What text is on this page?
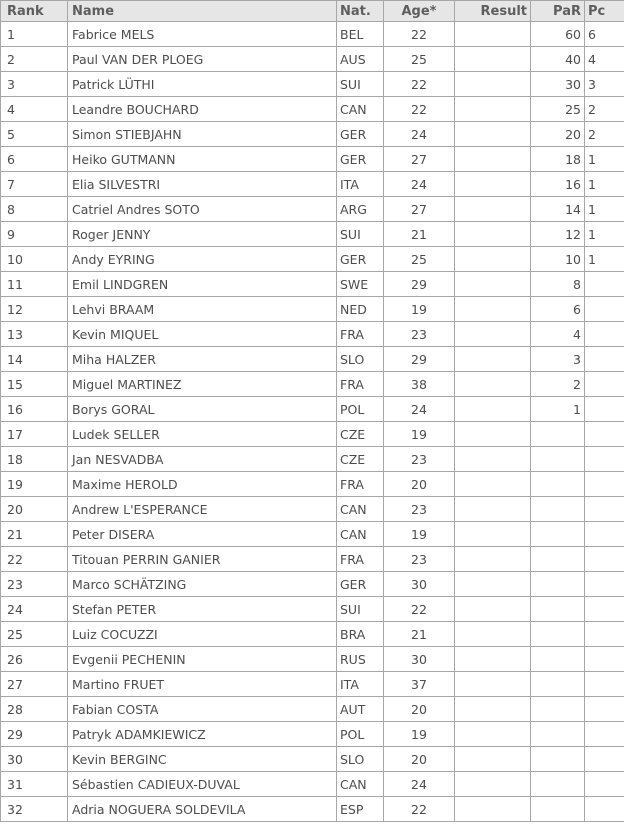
Rank	Name	Nat.	Age*	Result	PaR	Pc
1	Fabrice MELS	BEL	22		60	6
2	Paul VAN DER PLOEG	AUS	25		40	4
3	Patrick LÜTHI	SUI	22		30	3
4	Leandre BOUCHARD	CAN	22		25	2
5	Simon STIEBJAHN	GER	24		20	2
6	Heiko GUTMANN	GER	27		18	1
7	Elia SILVESTRI	ITA	24		16	1
8	Catriel Andres SOTO	ARG	27		14	1
9	Roger JENNY	SUI	21		12	1
10	Andy EYRING	GER	25		10	1
11	Emil LINDGREN	SWE	29		8	
12	Lehvi BRAAM	NED	19		6	
13	Kevin MIQUEL	FRA	23		4	
14	Miha HALZER	SLO	29		3	
15	Miguel MARTINEZ	FRA	38		2	
16	Borys GORAL	POL	24		1	
17	Ludek SELLER	CZE	19			
18	Jan NESVADBA	CZE	23			
19	Maxime HEROLD	FRA	20			
20	Andrew L'ESPERANCE	CAN	23			
21	Peter DISERA	CAN	19			
22	Titouan PERRIN GANIER	FRA	23			
23	Marco SCHÄTZING	GER	30			
24	Stefan PETER	SUI	22			
25	Luiz COCUZZI	BRA	21			
26	Evgenii PECHENIN	RUS	30			
27	Martino FRUET	ITA	37			
28	Fabian COSTA	AUT	20			
29	Patryk ADAMKIEWICZ	POL	19			
30	Kevin BERGINC	SLO	20			
31	Sébastien CADIEUX-DUVAL	CAN	24			
32	Adria NOGUERA SOLDEVILA	ESP	22			
